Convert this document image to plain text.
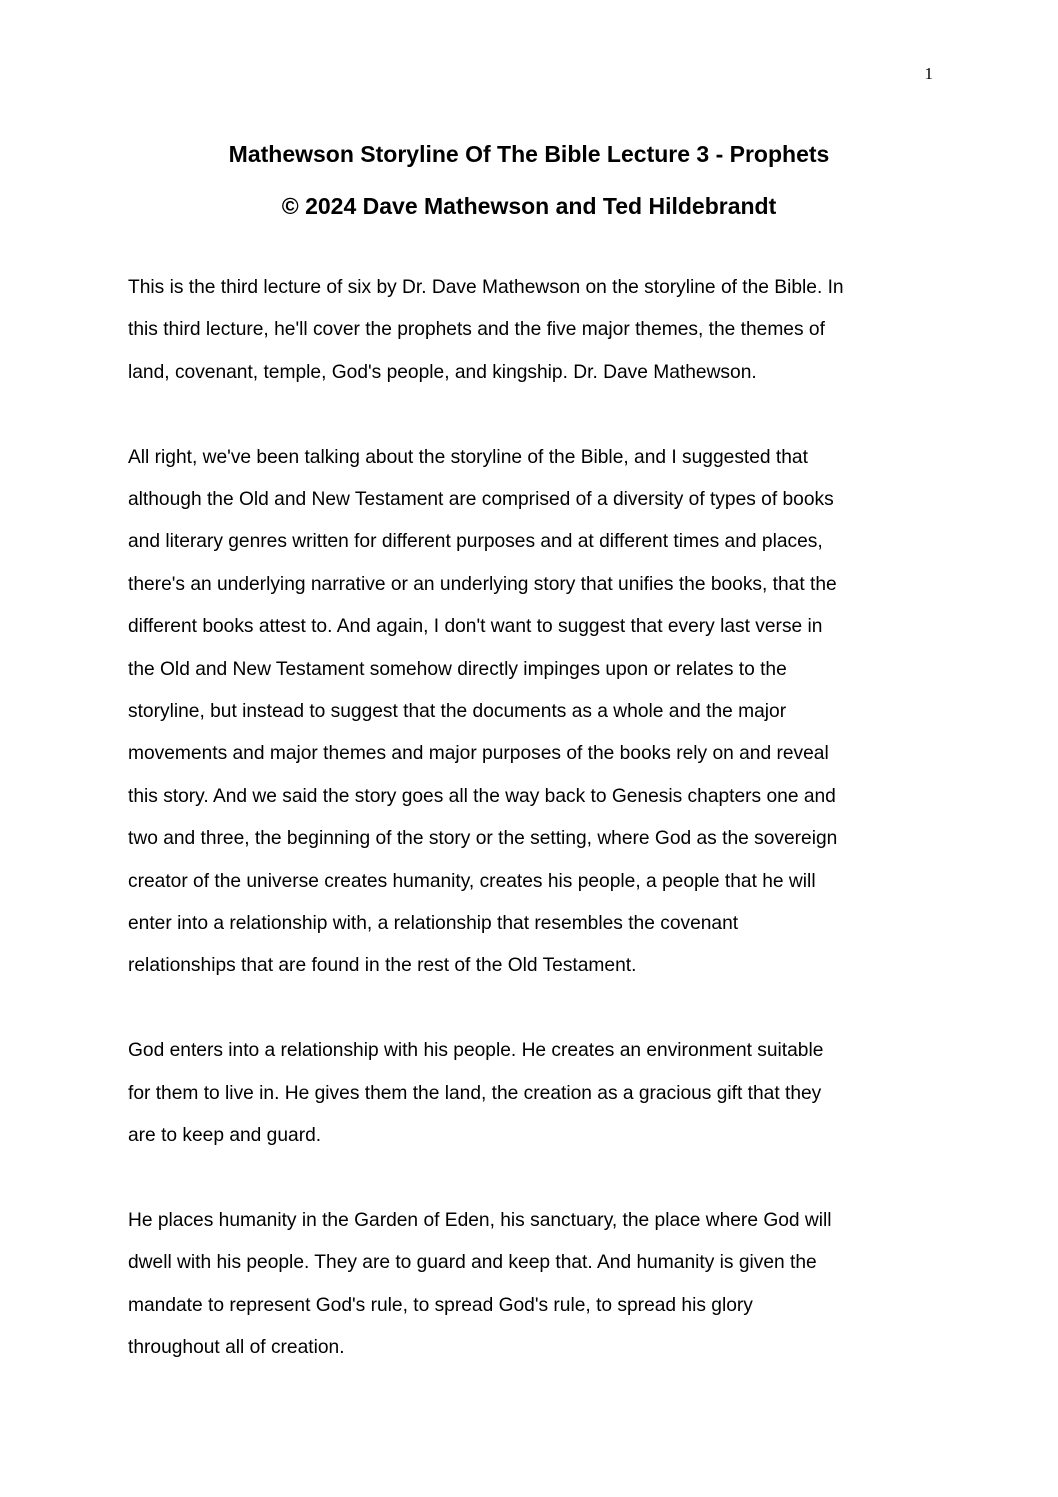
1
Mathewson Storyline Of The Bible Lecture 3 - Prophets
© 2024 Dave Mathewson and Ted Hildebrandt

This is the third lecture of six by Dr. Dave Mathewson on the storyline of the Bible. In
this third lecture, he'll cover the prophets and the five major themes, the themes of
land, covenant, temple, God's people, and kingship. Dr. Dave Mathewson.

All right, we've been talking about the storyline of the Bible, and I suggested that
although the Old and New Testament are comprised of a diversity of types of books
and literary genres written for different purposes and at different times and places,
there's an underlying narrative or an underlying story that unifies the books, that the
different books attest to. And again, I don't want to suggest that every last verse in
the Old and New Testament somehow directly impinges upon or relates to the
storyline, but instead to suggest that the documents as a whole and the major
movements and major themes and major purposes of the books rely on and reveal
this story. And we said the story goes all the way back to Genesis chapters one and
two and three, the beginning of the story or the setting, where God as the sovereign
creator of the universe creates humanity, creates his people, a people that he will
enter into a relationship with, a relationship that resembles the covenant
relationships that are found in the rest of the Old Testament.

God enters into a relationship with his people. He creates an environment suitable
for them to live in. He gives them the land, the creation as a gracious gift that they
are to keep and guard.

He places humanity in the Garden of Eden, his sanctuary, the place where God will
dwell with his people. They are to guard and keep that. And humanity is given the
mandate to represent God's rule, to spread God's rule, to spread his glory
throughout all of creation.
